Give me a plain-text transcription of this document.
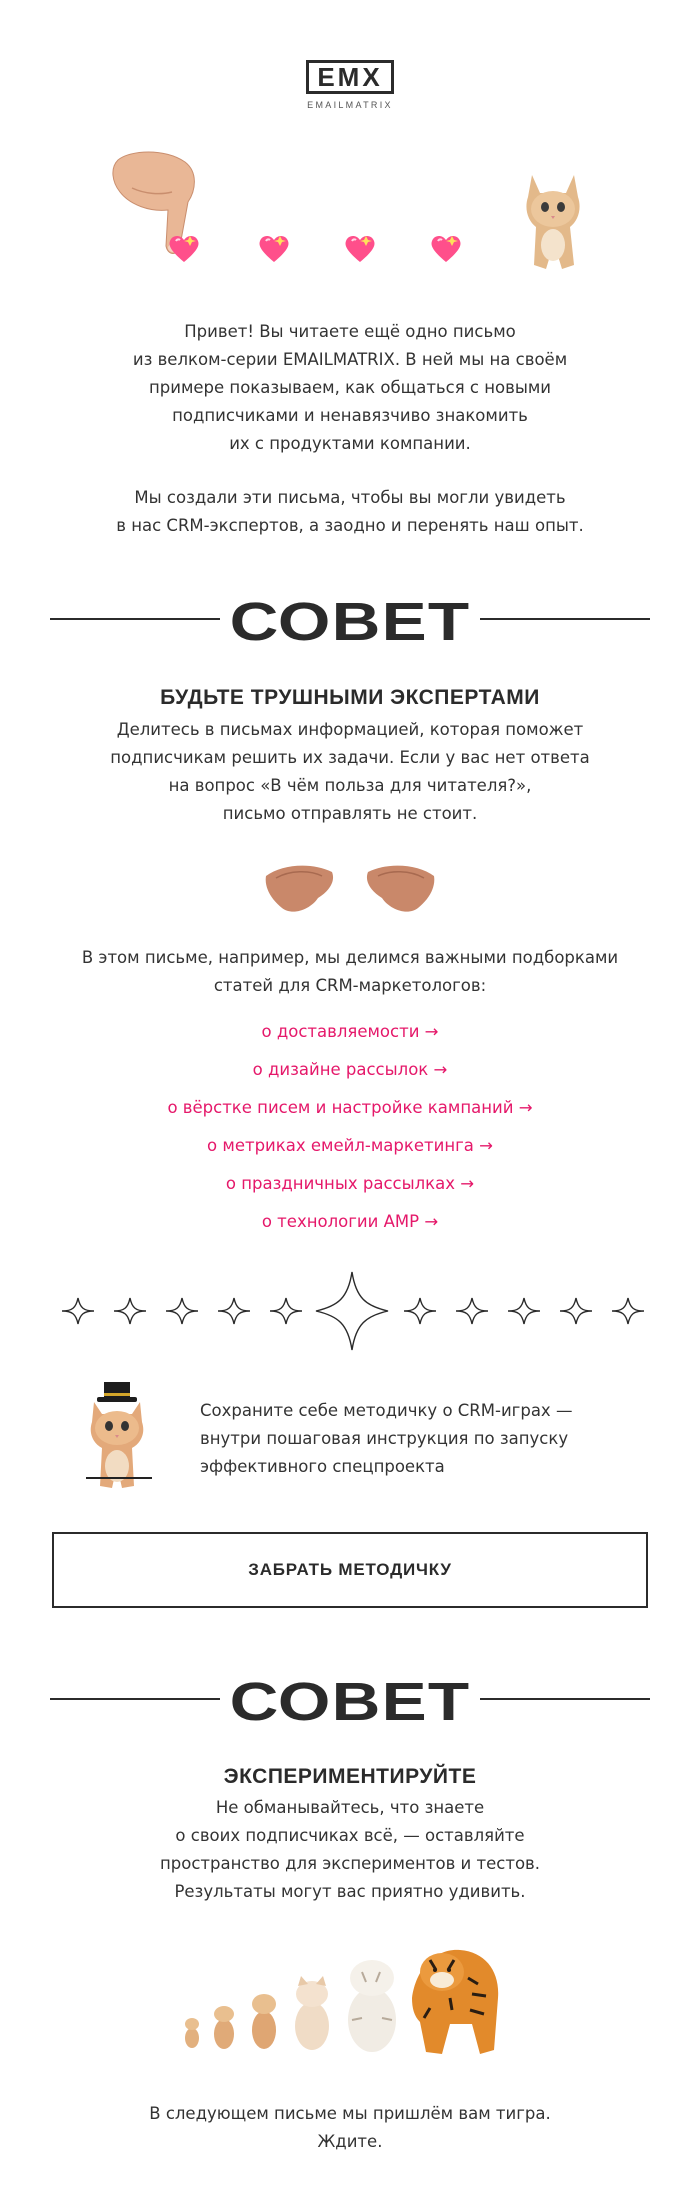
EMX
EMAILMATRIX
Привет! Вы читаете ещё одно письмо
из велком-серии EMAILMATRIX. В ней мы на своём
примере показываем, как общаться с новыми
подписчиками и ненавязчиво знакомить
их с продуктами компании.
Мы создали эти письма, чтобы вы могли увидеть
в нас CRM-экспертов, а заодно и перенять наш опыт.
СОВЕТ
БУДЬТЕ ТРУШНЫМИ ЭКСПЕРТАМИ
Делитесь в письмах информацией, которая поможет
подписчикам решить их задачи. Если у вас нет ответа
на вопрос «В чём польза для читателя?»,
письмо отправлять не стоит.
В этом письме, например, мы делимся важными подборками
статей для CRM-маркетологов:
о доставляемости →
о дизайне рассылок →
о вёрстке писем и настройке кампаний →
о метриках емейл-маркетинга →
о праздничных рассылках →
о технологии AMP →
Сохраните себе методичку о CRM-играх —
внутри пошаговая инструкция по запуску
эффективного спецпроекта
ЗАБРАТЬ МЕТОДИЧКУ
СОВЕТ
ЭКСПЕРИМЕНТИРУЙТЕ
Не обманывайтесь, что знаете
о своих подписчиках всё, — оставляйте
пространство для экспериментов и тестов.
Результаты могут вас приятно удивить.
В следующем письме мы пришлём вам тигра.
Ждите.
